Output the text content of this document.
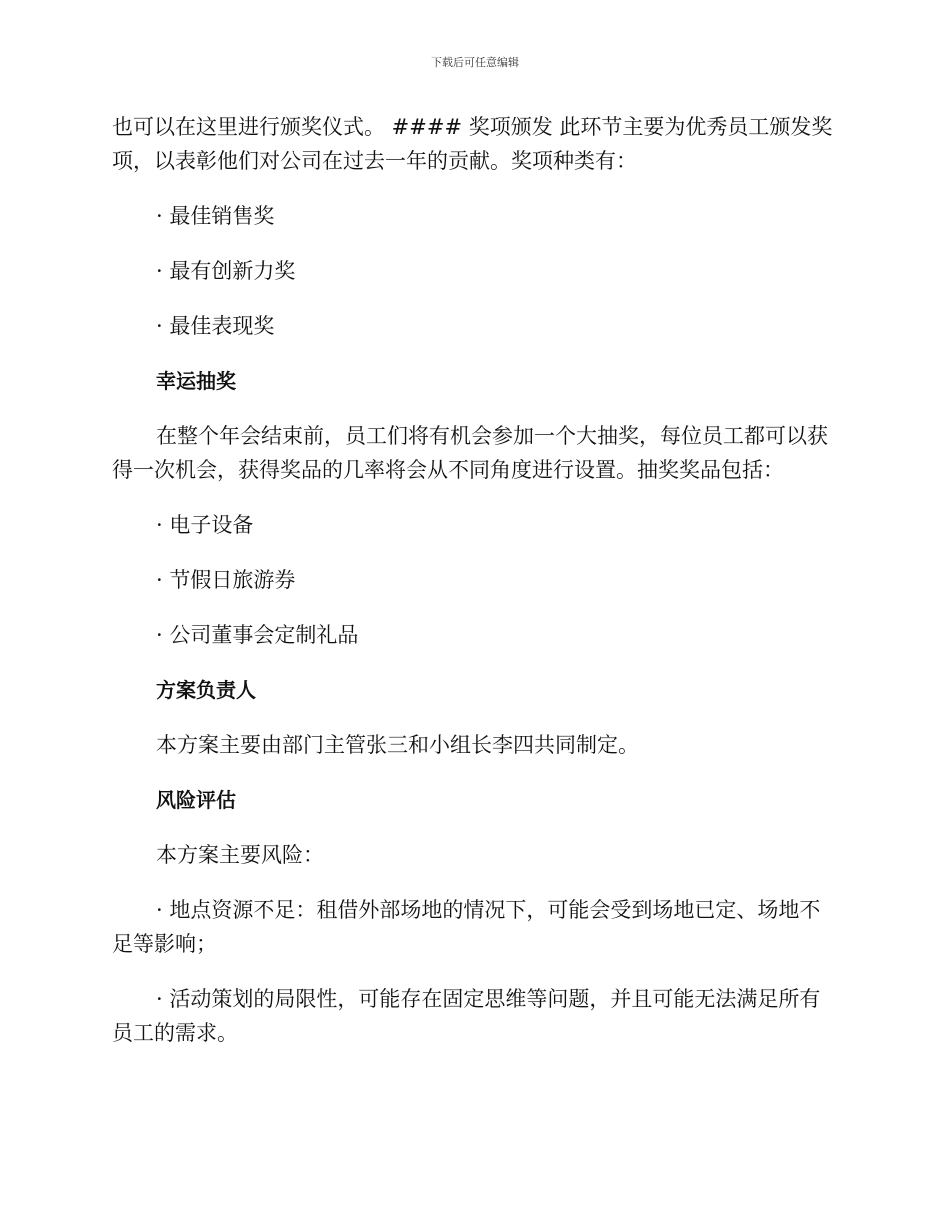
下载后可任意编辑

也可以在这里进行颁奖仪式。 #### 奖项颁发 此环节主要为优秀员工颁发奖项，以表彰他们对公司在过去一年的贡献。奖项种类有：

· 最佳销售奖

· 最有创新力奖

· 最佳表现奖

幸运抽奖

在整个年会结束前，员工们将有机会参加一个大抽奖，每位员工都可以获得一次机会，获得奖品的几率将会从不同角度进行设置。抽奖奖品包括：

· 电子设备

· 节假日旅游券

· 公司董事会定制礼品

方案负责人

本方案主要由部门主管张三和小组长李四共同制定。

风险评估

本方案主要风险：

· 地点资源不足：租借外部场地的情况下，可能会受到场地已定、场地不足等影响；

· 活动策划的局限性，可能存在固定思维等问题，并且可能无法满足所有员工的需求。
